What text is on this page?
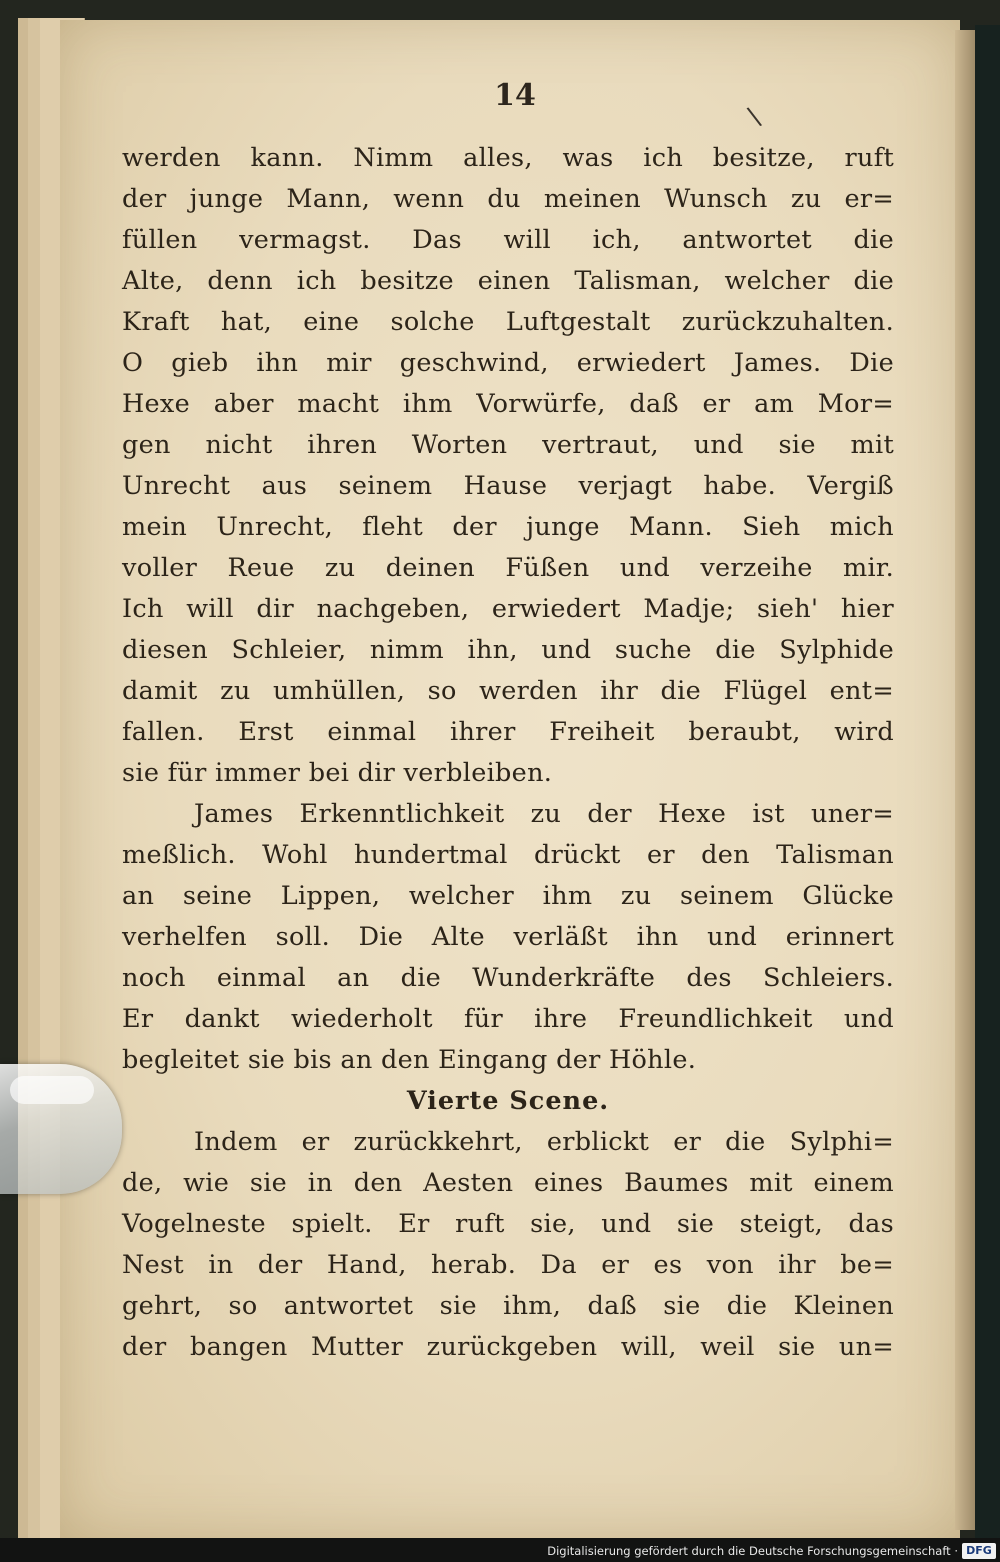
14
\
werden kann. Nimm alles, was ich besitze, ruft
der junge Mann, wenn du meinen Wunsch zu er=
füllen vermagst. Das will ich, antwortet die
Alte, denn ich besitze einen Talisman, welcher die
Kraft hat, eine solche Luftgestalt zurückzuhalten.
O gieb ihn mir geschwind, erwiedert James. Die
Hexe aber macht ihm Vorwürfe, daß er am Mor=
gen nicht ihren Worten vertraut, und sie mit
Unrecht aus seinem Hause verjagt habe. Vergiß
mein Unrecht, fleht der junge Mann. Sieh mich
voller Reue zu deinen Füßen und verzeihe mir.
Ich will dir nachgeben, erwiedert Madje; sieh' hier
diesen Schleier, nimm ihn, und suche die Sylphide
damit zu umhüllen, so werden ihr die Flügel ent=
fallen. Erst einmal ihrer Freiheit beraubt, wird
sie für immer bei dir verbleiben.
James Erkenntlichkeit zu der Hexe ist uner=
meßlich. Wohl hundertmal drückt er den Talisman
an seine Lippen, welcher ihm zu seinem Glücke
verhelfen soll. Die Alte verläßt ihn und erinnert
noch einmal an die Wunderkräfte des Schleiers.
Er dankt wiederholt für ihre Freundlichkeit und
begleitet sie bis an den Eingang der Höhle.
Vierte Scene.
Indem er zurückkehrt, erblickt er die Sylphi=
de, wie sie in den Aesten eines Baumes mit einem
Vogelneste spielt. Er ruft sie, und sie steigt, das
Nest in der Hand, herab. Da er es von ihr be=
gehrt, so antwortet sie ihm, daß sie die Kleinen
der bangen Mutter zurückgeben will, weil sie un=
Digitalisierung gefördert durch die Deutsche Forschungsgemeinschaft · DFG
